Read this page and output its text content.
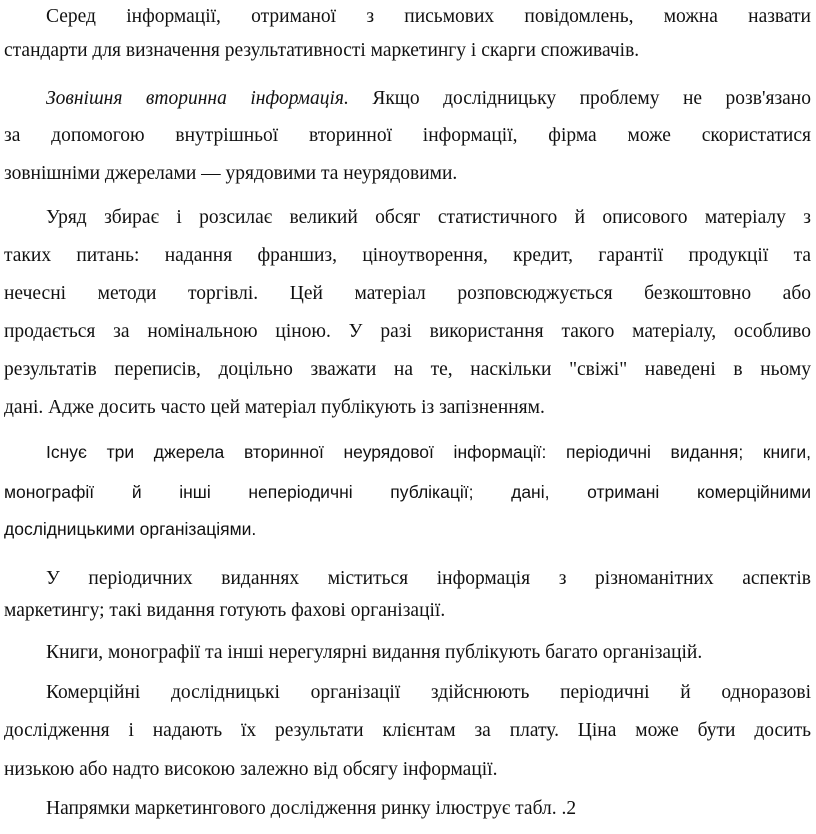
Серед інформації, отриманої з письмових повідомлень, можна назвати
стандарти для визначення результативності маркетингу і скарги споживачів.
Зовнішня вторинна інформація. Якщо дослідницьку проблему не розв'язано
за допомогою внутрішньої вторинної інформації, фірма може скористатися
зовнішніми джерелами — урядовими та неурядовими.
Уряд збирає і розсилає великий обсяг статистичного й описового матеріалу з
таких питань: надання франшиз, ціноутворення, кредит, гарантії продукції та
нечесні методи торгівлі. Цей матеріал розповсюджується безкоштовно або
продається за номінальною ціною. У разі використання такого матеріалу, особливо
результатів переписів, доцільно зважати на те, наскільки "свіжі" наведені в ньому
дані. Адже досить часто цей матеріал публікують із запізненням.
Існує три джерела вторинної неурядової інформації: періодичні видання; книги,
монографії й інші неперіодичні публікації; дані, отримані комерційними
дослідницькими організаціями.
У періодичних виданнях міститься інформація з різноманітних аспектів
маркетингу; такі видання готують фахові організації.
Книги, монографії та інші нерегулярні видання публікують багато організацій.
Комерційні дослідницькі організації здійснюють періодичні й одноразові
дослідження і надають їх результати клієнтам за плату. Ціна може бути досить
низькою або надто високою залежно від обсягу інформації.
Напрямки маркетингового дослідження ринку ілюструє табл. .2
